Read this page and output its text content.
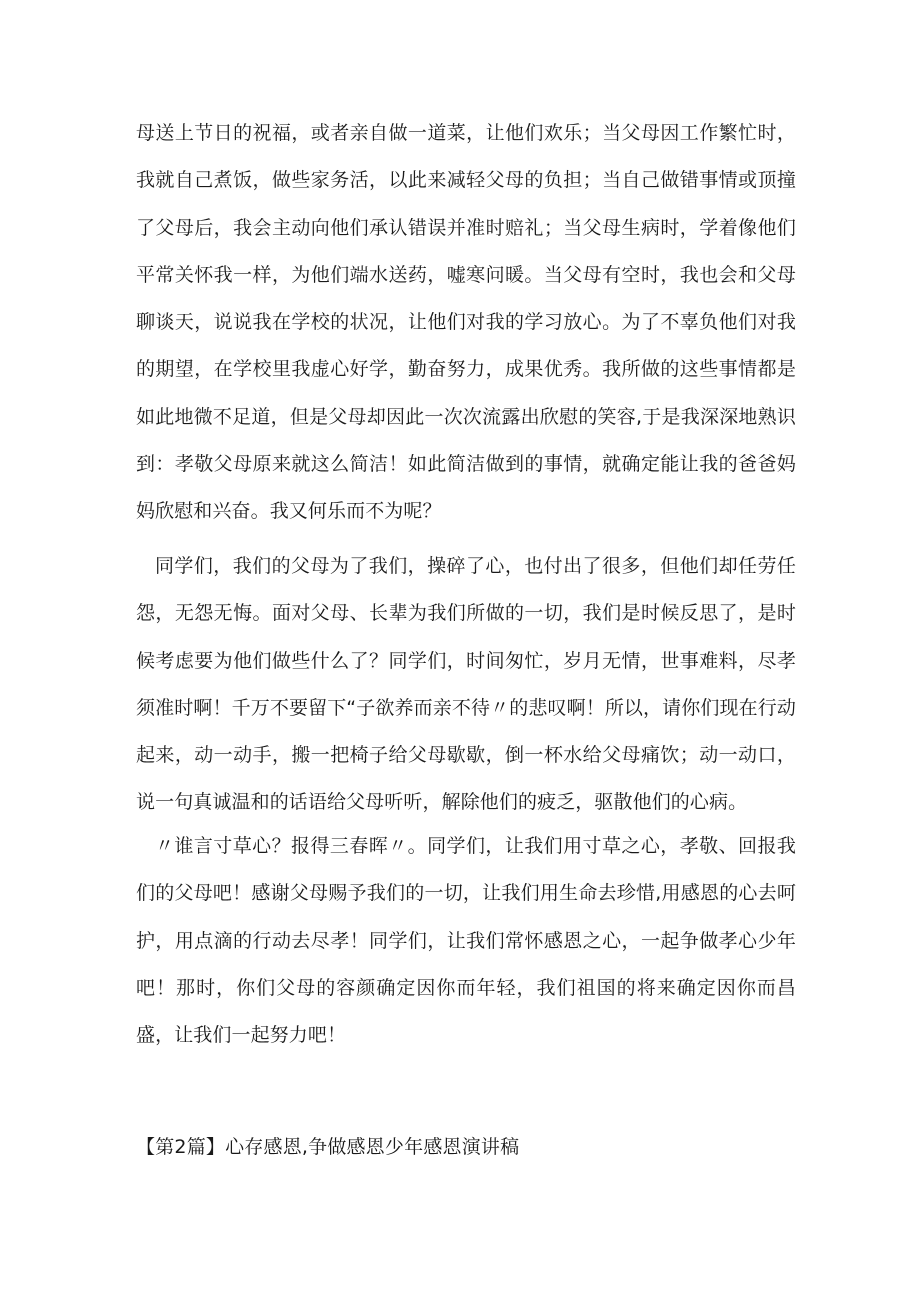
母送上节日的祝福，或者亲自做一道菜，让他们欢乐；当父母因工作繁忙时，我就自己煮饭，做些家务活，以此来减轻父母的负担；当自己做错事情或顶撞了父母后，我会主动向他们承认错误并准时赔礼；当父母生病时，学着像他们平常关怀我一样，为他们端水送药，嘘寒问暖。当父母有空时，我也会和父母聊谈天，说说我在学校的状况，让他们对我的学习放心。为了不辜负他们对我的期望，在学校里我虚心好学，勤奋努力，成果优秀。我所做的这些事情都是如此地微不足道，但是父母却因此一次次流露出欣慰的笑容,于是我深深地熟识到：孝敬父母原来就这么简洁！如此简洁做到的事情，就确定能让我的爸爸妈妈欣慰和兴奋。我又何乐而不为呢？

同学们，我们的父母为了我们，操碎了心，也付出了很多，但他们却任劳任怨，无怨无悔。面对父母、长辈为我们所做的一切，我们是时候反思了，是时候考虑要为他们做些什么了？同学们，时间匆忙，岁月无情，世事难料，尽孝须准时啊！千万不要留下“子欲养而亲不待〃的悲叹啊！所以，请你们现在行动起来，动一动手，搬一把椅子给父母歇歇，倒一杯水给父母痛饮；动一动口，说一句真诚温和的话语给父母听听，解除他们的疲乏，驱散他们的心病。

〃谁言寸草心？报得三春晖〃。同学们，让我们用寸草之心，孝敬、回报我们的父母吧！感谢父母赐予我们的一切，让我们用生命去珍惜,用感恩的心去呵护，用点滴的行动去尽孝！同学们，让我们常怀感恩之心，一起争做孝心少年吧！那时，你们父母的容颜确定因你而年轻，我们祖国的将来确定因你而昌盛，让我们一起努力吧！

【第2篇】心存感恩,争做感恩少年感恩演讲稿
